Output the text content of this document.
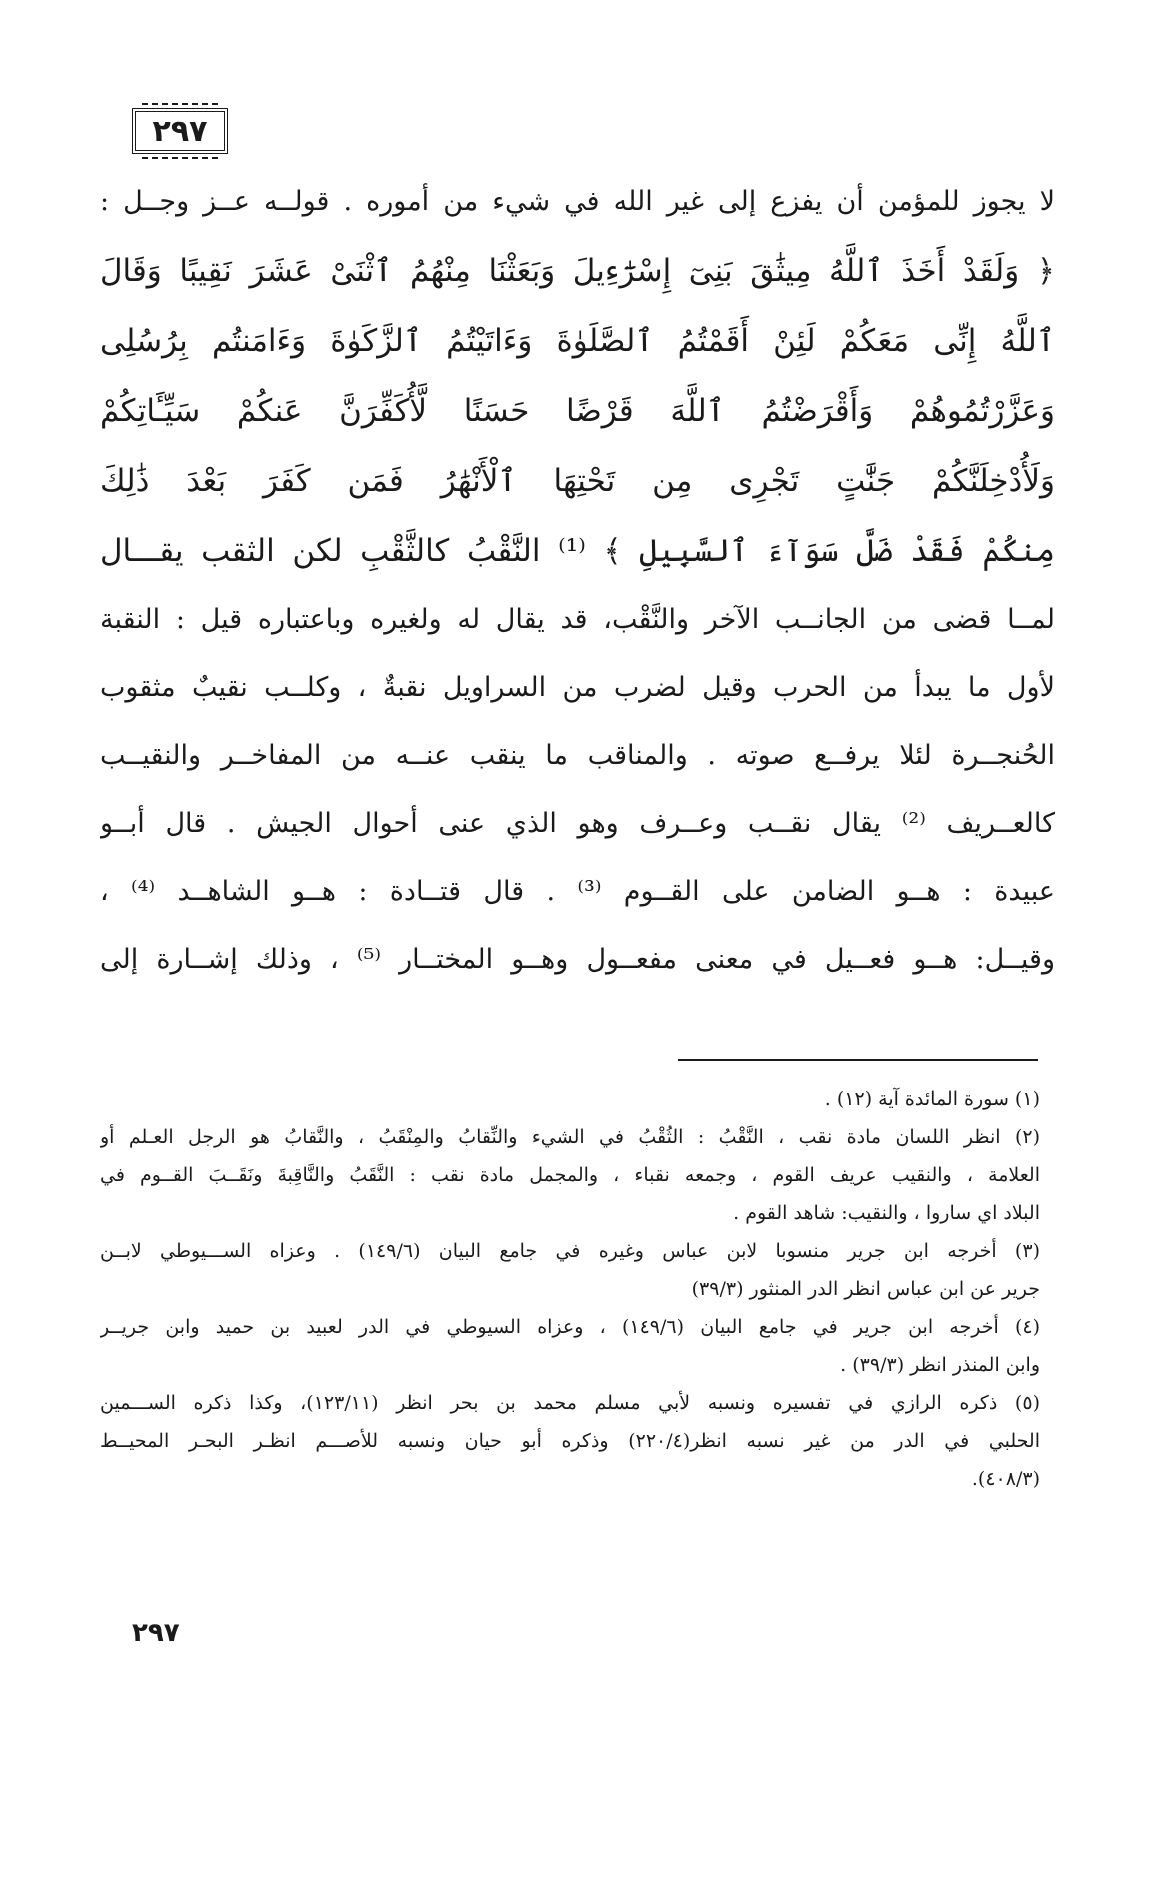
٢٩٧
لا يجوز للمؤمن أن يفزع إلى غير الله في شيء من أموره . قولــه عــز وجــل :
﴿ وَلَقَدْ أَخَذَ ٱللَّهُ مِيثَٰقَ بَنِىٓ إِسْرَٰٓءِيلَ وَبَعَثْنَا مِنْهُمُ ٱثْنَىْ عَشَرَ نَقِيبًا وَقَالَ
ٱللَّهُ إِنِّى مَعَكُمْ لَئِنْ أَقَمْتُمُ ٱلصَّلَوٰةَ وَءَاتَيْتُمُ ٱلزَّكَوٰةَ وَءَامَنتُم بِرُسُلِى
وَعَزَّرْتُمُوهُمْ وَأَقْرَضْتُمُ ٱللَّهَ قَرْضًا حَسَنًا لَّأُكَفِّرَنَّ عَنكُمْ سَيِّـَٔاتِكُمْ
وَلَأُدْخِلَنَّكُمْ جَنَّٰتٍ تَجْرِى مِن تَحْتِهَا ٱلْأَنْهَٰرُ فَمَن كَفَرَ بَعْدَ ذَٰلِكَ
مِنكُمْ فَقَدْ ضَلَّ سَوَآءَ ٱلسَّبِيلِ ﴾ ⁽¹⁾ النَّقْبُ كالثَّقْبِ لكن الثقب يقـــال
لمــا قضى من الجانــب الآخر والنَّقْب، قد يقال له ولغيره وباعتباره قيل : النقبة
لأول ما يبدأ من الحرب وقيل لضرب من السراويل نقبةٌ ، وكلــب نقيبٌ مثقوب
الحُنجــرة لئلا يرفــع صوته . والمناقب ما ينقب عنــه من المفاخــر والنقيــب
كالعــريف ⁽²⁾ يقال نقــب وعــرف وهو الذي عنى أحوال الجيش . قال أبــو
عبيدة : هــو الضامن على القــوم ⁽³⁾ . قال قتــادة : هــو الشاهــد ⁽⁴⁾ ،
وقيــل: هــو فعــيل في معنى مفعــول وهــو المختــار ⁽⁵⁾ ، وذلك إشــارة إلى
(١) سورة المائدة آية (١٢) .
(٢) انظر اللسان مادة نقب ، النَّقْبُ : الثُقْبُ في الشيء والنِّقابُ والمِنْقَبُ ، والنَّقابُ هو الرجل العـلم أو
العلامة ، والنقيب عريف القوم ، وجمعه نقباء ، والمجمل مادة نقب : النَّقَبُ والنَّاقِبةَ ونَقَــبَ القــوم في
البلاد اي ساروا ، والنقيب: شاهد القوم .
(٣) أخرجه ابن جرير منسوبا لابن عباس وغيره في جامع البيان (١٤٩/٦) . وعزاه الســـيوطي لابــن
جرير عن ابن عباس انظر الدر المنثور (٣٩/٣)
(٤) أخرجه ابن جرير في جامع البيان (١٤٩/٦) ، وعزاه السيوطي في الدر لعبيد بن حميد وابن جريــر
وابن المنذر انظر (٣٩/٣) .
(٥) ذكره الرازي في تفسيره ونسبه لأبي مسلم محمد بن بحر انظر (١٢٣/١١)، وكذا ذكره الســـمين
الحلبي في الدر من غير نسبه انظر(٢٢٠/٤) وذكره أبو حيان ونسبه للأصـــم انظـر البحـر المحيــط
(٤٠٨/٣).
٢٩٧
